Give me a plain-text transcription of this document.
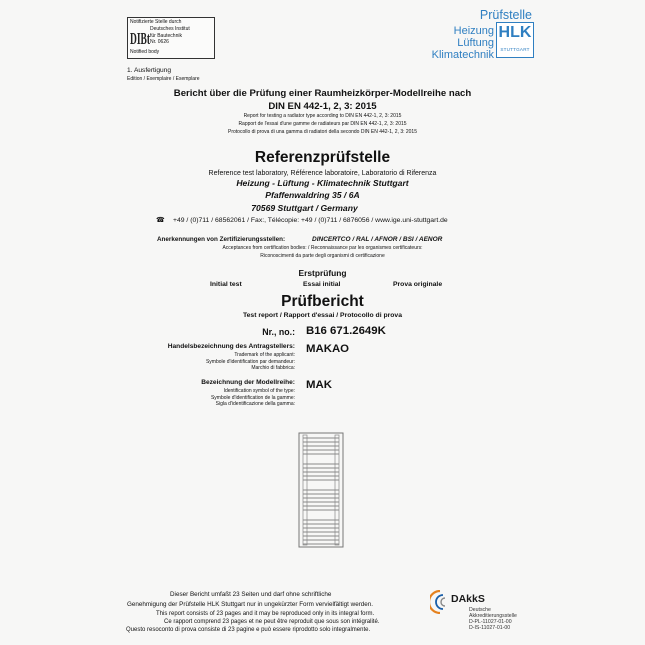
Notifizierte Stelle durch
DIBt Deutsches Institut
für Bautechnik
Nr. 0626
Notified body
Prüfstelle
Heizung
Lüftung
Klimatechnik
HLK
STUTTGART
1. Ausfertigung
Edition / Exemplaire / Esemplare
Bericht über die Prüfung einer Raumheizkörper-Modellreihe nach
DIN EN 442-1, 2, 3: 2015
Report for testing a radiator type according to DIN EN 442-1, 2, 3: 2015
Rapport de l'essai d'une gamme de radiateurs par DIN EN 442-1, 2, 3: 2015
Protocollo di prova di una gamma di radiatori della secondo DIN EN 442-1, 2, 3: 2015
Referenzprüfstelle
Reference test laboratory, Référence laboratoire, Laboratorio di Riferenza
Heizung - Lüftung - Klimatechnik Stuttgart
Pfaffenwaldring 35 / 6A
70569 Stuttgart / Germany
☎ +49 / (0)711 / 68562061 / Fax:, Télécopie: +49 / (0)711 / 6876056 / www.ige.uni-stuttgart.de
Anerkennungen von Zertifizierungsstellen:	DINCERTCO / RAL / AFNOR / BSI / AENOR
Acceptances from certification bodies: / Reconnaissance par les organismes certificateurs:
Riconoscimenti da parte degli organismi di certificazione
Erstprüfung
Initial test	Essai initial	Prova originale
Prüfbericht
Test report / Rapport d'essai / Protocollo di prova
Nr., no.: B16 671.2649K
Handelsbezeichnung des Antragstellers:
Trademark of the applicant:
Symbole d'identification par demandeur:
Marchio di fabbrica:
MAKAO
Bezeichnung der Modellreihe:
Identification symbol of the type:
Symbole d'identification de la gamme:
Sigla d'identificazione della gamma:
MAK
Dieser Bericht umfaßt 23 Seiten und darf ohne schriftliche
Genehmigung der Prüfstelle HLK Stuttgart nur in ungekürzter Form vervielfältigt werden.
This report consists of 23 pages and it may be reproduced only in its integral form.
Ce rapport comprend 23 pages et ne peut être reproduit que sous son intégralité.
Questo resoconto di prova consiste di 23 pagine e può essere riprodotto solo integralmente.
DAkkS
Deutsche
Akkreditierungsstelle
D-PL-11027-01-00
D-IS-11027-01-00
